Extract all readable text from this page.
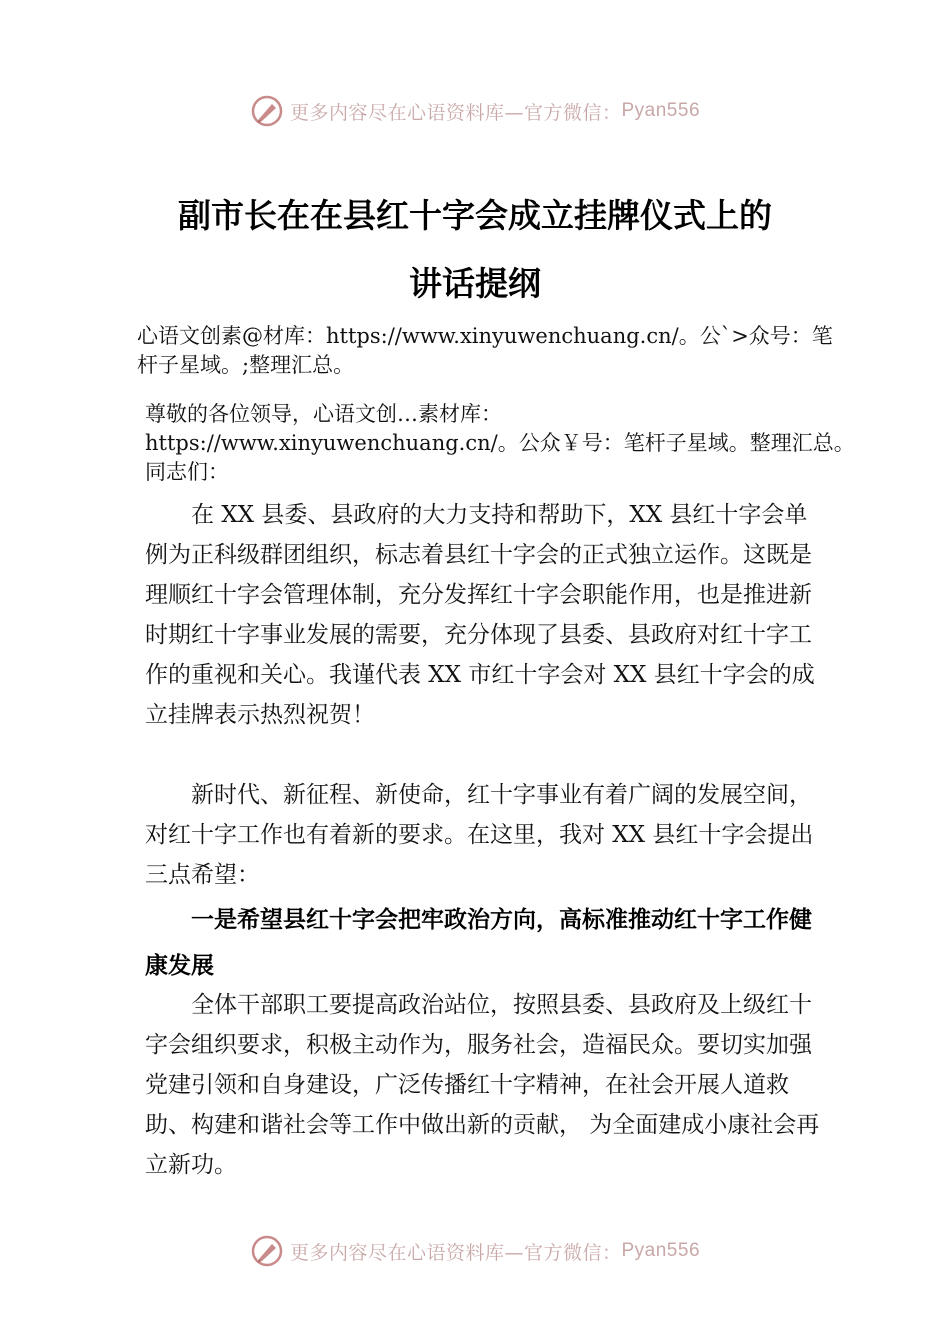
更多内容尽在心语资料库—官方微信： Pyan556
副市长在在县红十字会成立挂牌仪式上的
讲话提纲
心语文创素@材库：https://www.xinyuwenchuang.cn/。公`>众号：笔杆子星域。;整理汇总。
尊敬的各位领导，心语文创…素材库：https://www.xinyuwenchuang.cn/。公众￥号：笔杆子星域。整理汇总。同志们：

在 XX 县委、县政府的大力支持和帮助下，XX 县红十字会单例为正科级群团组织，标志着县红十字会的正式独立运作。这既是理顺红十字会管理体制，充分发挥红十字会职能作用，也是推进新时期红十字事业发展的需要，充分体现了县委、县政府对红十字工作的重视和关心。我谨代表 XX 市红十字会对 XX 县红十字会的成立挂牌表示热烈祝贺！

新时代、新征程、新使命，红十字事业有着广阔的发展空间，对红十字工作也有着新的要求。在这里，我对 XX 县红十字会提出三点希望：

一是希望县红十字会把牢政治方向，高标准推动红十字工作健康发展

全体干部职工要提高政治站位，按照县委、县政府及上级红十字会组织要求，积极主动作为，服务社会，造福民众。要切实加强党建引领和自身建设，广泛传播红十字精神，在社会开展人道救助、构建和谐社会等工作中做出新的贡献， 为全面建成小康社会再立新功。

更多内容尽在心语资料库—官方微信： Pyan556
